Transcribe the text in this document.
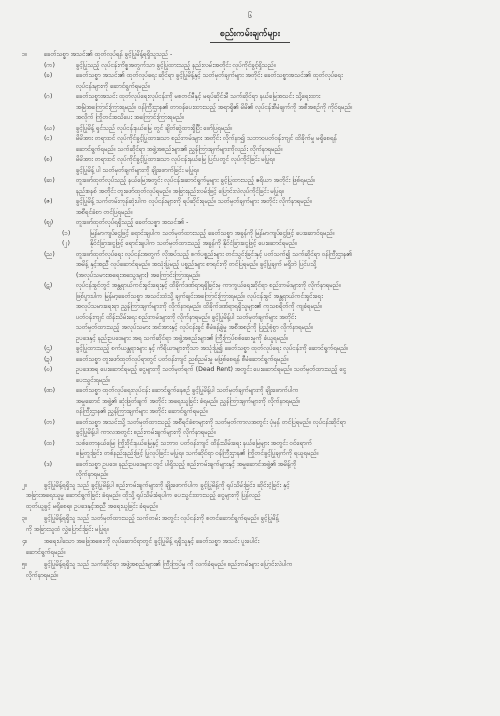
၆
စည်းကမ်းချက်များ
၁။	ခေတ်သစ္စာ အသင်း၏ ထုတ်လုပ်ရန် ခွင့်ပြုမိန့်ရရှိသူသည် -
(က)	ခွင့်ပြုသည့် လုပ်ငန်းကိစ္စအတွက်သာ ခွင့်ပြုထားသည့် နည်းလမ်းအတိုင်း လုပ်ကိုင်ခွင့်ရှိသည်။
(ခ)	ခေတ်သစ္စာ အသင်း၏ ထုတ်လုပ်ရေး ဆိုင်ရာ ခွင့်ပြုမိန့်နှင့် သတ်မှတ်ချက်များ အတိုင်း ခေတ်သစ္စာအသင်း၏ ထုတ်လုပ်ရေး
လုပ်ငန်းများကို ဆောင်ရွက်ရမည်။
(ဂ)	ခေတ်သစ္စာအသင်း ထုတ်လုပ်ရေးလုပ်ငန်းကို မစတင်မီနှင့် မရပ်ဆိုင်းမီ သက်ဆိုင်ရာ နယ်မြေအသင်း သို့ရေးထား
အမြဲအကြောင်းကြားရမည်။ ဝန်ကြီးဌာန၏ တာဝန်ပေးထားသည့် အရာရှိ၏ မိမိ၏ လုပ်ငန်းစီမံချက်ကို အစီအစဉ်ကို ကိုင်ရမည်။
အလိုက် ကြိုတင်အသိပေး အကြောင်းကြားရမည်။
(ဃ)	ခွင့်ပြုမိန့် ရှင်သည် လုပ်ငန်းနယ်မြေ တွင် ချိတ်ဆွဲထားရှိပြီး ဖော်ပြရမည်။
(င)	မိမိအား တရားဝင် လုပ်ကိုင်ခွင့်ပြုထားသော စည်းကမ်းများ အတိုင်း လိုက်နာ၍ သဘာဝပတ်ဝန်းကျင် ထိခိုက်မှု မရှိစေရန်
ဆောင်ရွက်ရမည်။ သက်ဆိုင်ရာ အဖွဲ့အစည်းများ၏ ညွှန်ကြားချက်များကိုလည်း လိုက်နာရမည်။
(စ)	မိမိအား တရားဝင် လုပ်ကိုင်ခွင့်ပြုထားသော လုပ်ငန်းနယ်မြေ ပြင်ပတွင် လုပ်ကိုင်ခြင်း မပြုရ။
ခွင့်ပြုမိန့် ပါ သတ်မှတ်ချက်များကို ချိုးဖောက်ခြင်း မပြုရ။
(ဆ)	တူးဖော်ထုတ်လုပ်သည့် နယ်မြေအတွင်း လုပ်ငန်းဆောင်ရွက်မှုများ ခွင့်ပြုထားသည့် ဧရိယာ အတိုင်း ဖြစ်ရမည်။
နည်းစနစ် အတိုင်း တူးဖော်ထုတ်လုပ်ရမည်။ အခြားနည်းလမ်းဖြင့် ပြောင်းလဲလုပ်ကိုင်ခြင်း မပြုရ။
(ဇ)	ခွင့်ပြုမိန့် သက်တမ်းကုန်ဆုံးပါက လုပ်ငန်းများကို ရပ်ဆိုင်းရမည်။ သတ်မှတ်ချက်များ အတိုင်း လိုက်နာရမည်။
အစီရင်ခံစာ တင်ပြရမည်။
(ဈ)	တူးဖော်ထုတ်လုပ်ရရှိသည့် ခေတ်သစ္စာ အသင်း၏ -
(၁)	မြန်မာကျပ်ငွေဖြင့် ရောင်းချပါက သတ်မှတ်ထားသည့် ခေတ်သစ္စာ အခွန်ကို မြန်မာကျပ်ငွေဖြင့် ပေးဆောင်ရမည်။
(၂)	နိုင်ငံခြားငွေဖြင့် ရောင်းချပါက သတ်မှတ်ထားသည့် အခွန်ကို နိုင်ငံခြားငွေဖြင့် ပေးဆောင်ရမည်။
(ည)	တူးဖော်ထုတ်လုပ်ရေး လုပ်ငန်းအတွက် လိုအပ်သည့် စက်ပစ္စည်းများ တင်သွင်းခြင်းနှင့် ပတ်သက်၍ သက်ဆိုင်ရာ ဝန်ကြီးဌာန၏
အမိန့် နှင့်အညီ လုပ်ဆောင်ရမည်။ အသုံးပြုမည့် ပစ္စည်းများ စာရင်းကို တင်ပြရမည်။ ခွင့်ပြုချက် မရှိဘဲ ပြင်ပသို့
(အလုပ်သမားအရေးအသွေးများ) အကြောင်းကြားရမည်။
(ဋ)	လုပ်ငန်းခွင်တွင် အန္တရာယ်ကင်းရှင်းရေးနှင့် ထိခိုက်ဒဏ်ရာရရှိခြင်းမှ ကာကွယ်ရေးဆိုင်ရာ စည်းကမ်းများကို လိုက်နာရမည်။
ဖြစ်ပွားပါက မြန်မာ့ခေတ်သစ္စာ အသင်းထံသို့ ချက်ချင်းအကြောင်းကြားရမည်။ လုပ်ငန်းခွင် အန္တရာယ်ကင်းရှင်းရေး
အလုပ်သမားရေးရာ ညွှန်ကြားချက်များကို လိုက်နာရမည်။ ထိခိုက်ဒဏ်ရာရရှိသူများ၏ ကုသစရိတ်ကို ကျခံရမည်။
ပတ်ဝန်းကျင် ထိန်းသိမ်းရေး စည်းကမ်းများကို လိုက်နာရမည်။ ခွင့်ပြုမိန့်ပါ သတ်မှတ်ချက်များ အတိုင်း
သတ်မှတ်ထားသည့် အလုပ်သမား အင်အားနှင့် လုပ်ငန်းခွင် စီမံခန့်ခွဲမှု အစီအစဉ်ကို ပြည့်စုံစွာ လိုက်နာရမည်။
ဥပဒေနှင့် နည်းဥပဒေများ အရ သက်ဆိုင်ရာ အဖွဲ့အစည်းများ၏ ကြီးကြပ်စစ်ဆေးမှုကို ခံယူရမည်။
(ဌ)	ခွင့်ပြုထားသည့် စက်ယန္တရားများ နှင့် ကိရိယာများကိုသာ အသုံးပြု၍ ခေတ်သစ္စာ ထုတ်လုပ်ရေး လုပ်ငန်းကို ဆောင်ရွက်ရမည်။
(ဍ)	ခေတ်သစ္စာ တူးဖော်ထုတ်လုပ်ရာတွင် ပတ်ဝန်းကျင် ညစ်ညမ်းမှု မဖြစ်စေရန် စီမံဆောင်ရွက်ရမည်။
(ဎ)	ဥပဒေအရ ပေးဆောင်ရမည့် ငွေများကို သတ်မှတ်ရက် (Dead Rent) အတွင်း ပေးဆောင်ရမည်။ သတ်မှတ်ထားသည့် ငွေ
ပေးသွင်းရမည်။
(ဏ)	ခေတ်သစ္စာ ထုတ်လုပ်ရေးလုပ်ငန်း ဆောင်ရွက်နေစဉ် ခွင့်ပြုမိန့်ပါ သတ်မှတ်ချက်များကို ချိုးဖောက်ပါက
အမှုဆောင် အဖွဲ့၏ ဆုံးဖြတ်ချက် အတိုင်း အရေးယူခြင်း ခံရမည်။ ညွှန်ကြားချက်များကို လိုက်နာရမည်။
ဝန်ကြီးဌာန၏ ညွှန်ကြားချက်များ အတိုင်း ဆောင်ရွက်ရမည်။
(တ)	ခေတ်သစ္စာ အသင်းသို့ သတ်မှတ်ထားသည့် အစီရင်ခံစာများကို သတ်မှတ်ကာလအတွင်း ပုံမှန် တင်ပြရမည်။ လုပ်ငန်းဆိုင်ရာ
ခွင့်ပြုမိန့်ပါ ကာလအတွင်း စည်းကမ်းချက်များကို လိုက်နာရမည်။
(ထ)	သစ်တောနယ်မြေ၊ ကြိုးဝိုင်းနယ်မြေနှင့် သဘာဝ ပတ်ဝန်းကျင် ထိန်းသိမ်းရေး နယ်မြေများ အတွင်း ဝင်ရောက်
မြေတူးခြင်း၊ တစ်နည်းနည်းဖြင့် ပြုလုပ်ခြင်း မပြုရ။ သက်ဆိုင်ရာ ဝန်ကြီးဌာန၏ ကြိုတင်ခွင့်ပြုချက်ကို ရယူရမည်။
(ဒ)	ခေတ်သစ္စာ ဥပဒေ၊ နည်းဥပဒေများ တွင် ပါရှိသည့် စည်းကမ်းချက်များနှင့် အမှုဆောင်အဖွဲ့၏ အမိန့်ကို
လိုက်နာရမည်။
၂။	ခွင့်ပြုမိန့်ရရှိသူ သည် ခွင့်ပြုမိန့်ပါ စည်းကမ်းချက်များကို ချိုးဖောက်ပါက ခွင့်ပြုမိန့်ကို ရုပ်သိမ်းခြင်း၊ ဆိုင်းငံ့ခြင်း နှင့်
အခြားအရေးယူမှု ဆောင်ရွက်ခြင်း ခံရမည်။ ထိုသို့ ရုပ်သိမ်းခံရပါက ပေးသွင်းထားသည့် ငွေများကို ပြန်လည်
ထုတ်ယူခွင့် မရှိစေရ။ ဥပဒေနှင့်အညီ အရေးယူခြင်း ခံရမည်။
၃။	ခွင့်ပြုမိန့်ရရှိသူ သည် သတ်မှတ်ထားသည့် သက်တမ်း အတွင်း လုပ်ငန်းကို စတင်ဆောင်ရွက်ရမည်။ ခွင့်ပြုမိန့်
ကို အခြားသူထံ လွှဲပြောင်းခြင်း မပြုရ။
၄။	အရေးပါသော အဖြေအစေးကို လုပ်ဆောင်ရာတွင် ခွင့်ပြုမိန့် ရရှိသူနှင့် ခေတ်သစ္စာ အသင်း ပူးပေါင်း
ဆောင်ရွက်ရမည်။
၅။	ခွင့်ပြုမိန့်ရရှိသူ သည် သက်ဆိုင်ရာ အဖွဲ့အစည်းများ၏ ကြီးကြပ်မှု ကို လက်ခံရမည်။ စည်းကမ်းများ ပြောင်းလဲပါက
လိုက်နာရမည်။
